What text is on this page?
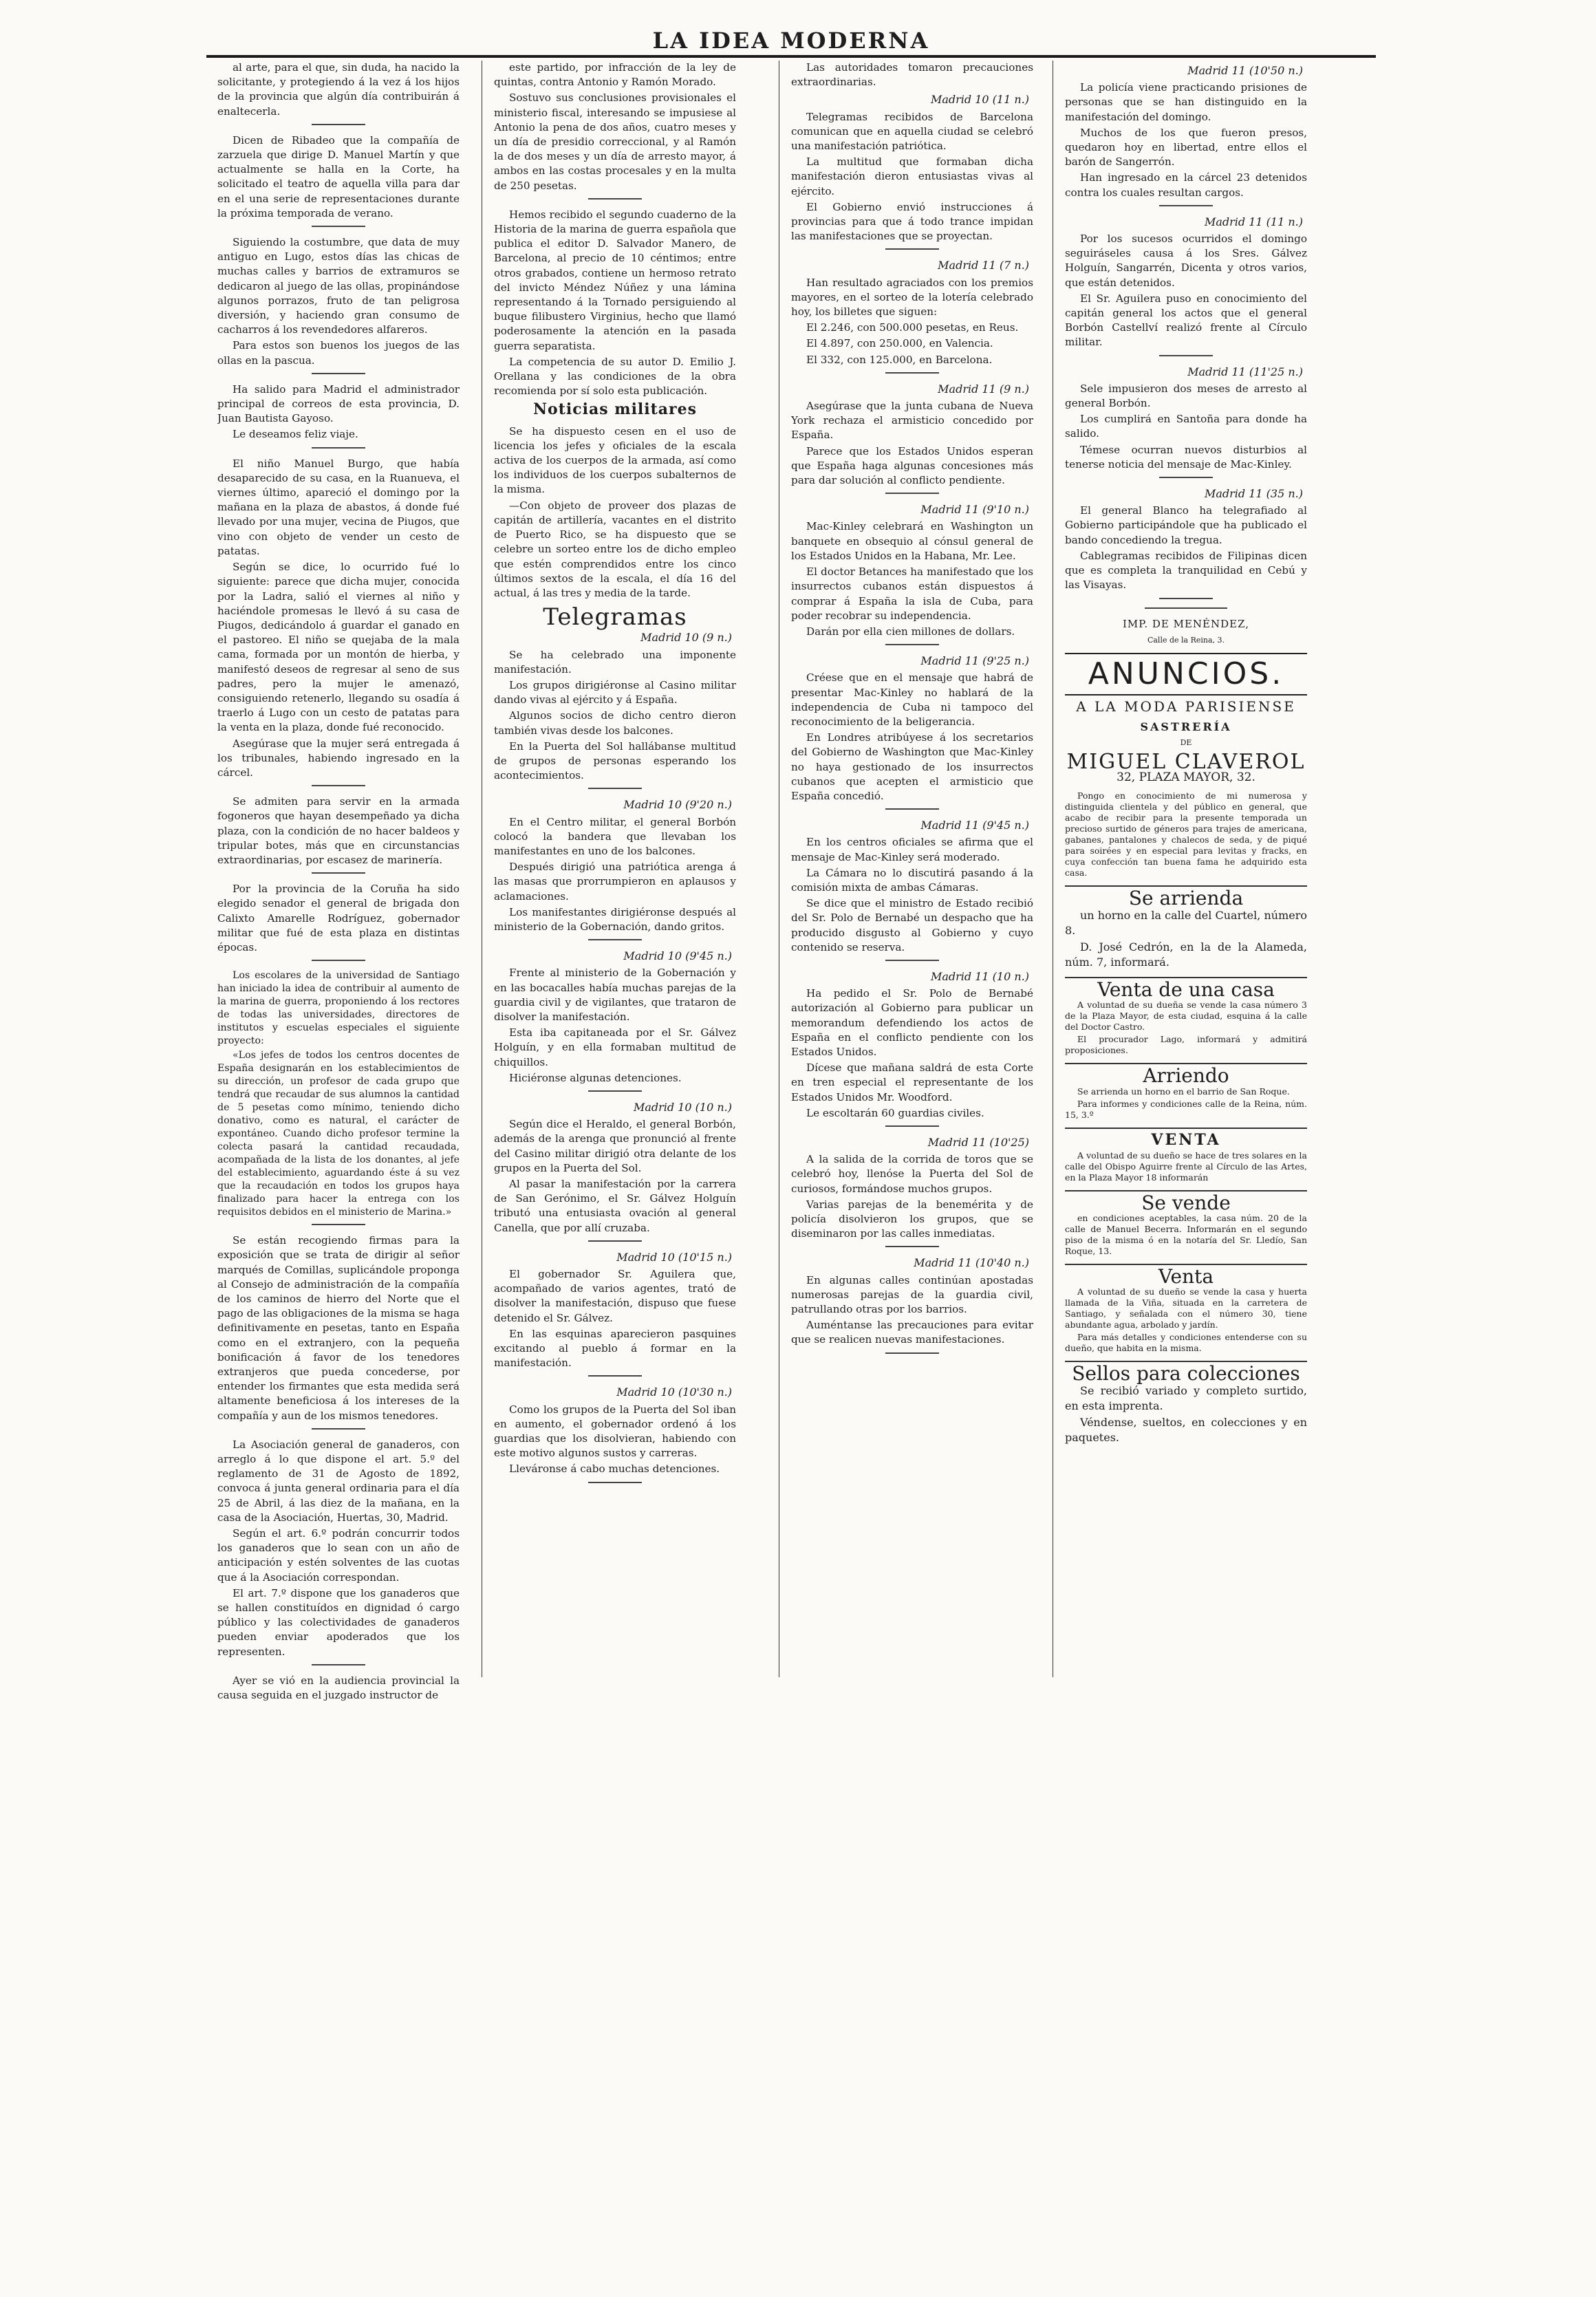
LA IDEA MODERNA

al arte, para el que, sin duda, ha nacido la solicitante, y protegiendo á la vez á los hijos de la provincia que algún día contribuirán á enaltecerla.

Dicen de Ribadeo que la compañía de zarzuela que dirige D. Manuel Martín y que actualmente se halla en la Corte, ha solicitado el teatro de aquella villa para dar en el una serie de representaciones durante la próxima temporada de verano.

Siguiendo la costumbre, que data de muy antiguo en Lugo, estos días las chicas de muchas calles y barrios de extramuros se dedicaron al juego de las ollas, propinándose algunos porrazos, fruto de tan peligrosa diversión, y haciendo gran consumo de cacharros á los revendedores alfareros.

Para estos son buenos los juegos de las ollas en la pascua.

Ha salido para Madrid el administrador principal de correos de esta provincia, D. Juan Bautista Gayoso.

Le deseamos feliz viaje.

El niño Manuel Burgo, que había desaparecido de su casa, en la Ruanueva, el viernes último, apareció el domingo por la mañana en la plaza de abastos, á donde fué llevado por una mujer, vecina de Piugos, que vino con objeto de vender un cesto de patatas.

Según se dice, lo ocurrido fué lo siguiente: parece que dicha mujer, conocida por la Ladra, salió el viernes al niño y haciéndole promesas le llevó á su casa de Piugos, dedicándolo á guardar el ganado en el pastoreo. El niño se quejaba de la mala cama, formada por un montón de hierba, y manifestó deseos de regresar al seno de sus padres, pero la mujer le amenazó, consiguiendo retenerlo, llegando su osadía á traerlo á Lugo con un cesto de patatas para la venta en la plaza, donde fué reconocido.

Asegúrase que la mujer será entregada á los tribunales, habiendo ingresado en la cárcel.

Se admiten para servir en la armada fogoneros que hayan desempeñado ya dicha plaza, con la condición de no hacer baldeos y tripular botes, más que en circunstancias extraordinarias, por escasez de marinería.

Por la provincia de la Coruña ha sido elegido senador el general de brigada don Calixto Amarelle Rodríguez, gobernador militar que fué de esta plaza en distintas épocas.

Los escolares de la universidad de Santiago han iniciado la idea de contribuir al aumento de la marina de guerra, proponiendo á los rectores de todas las universidades, directores de institutos y escuelas especiales el siguiente proyecto:

«Los jefes de todos los centros docentes de España designarán en los establecimientos de su dirección, un profesor de cada grupo que tendrá que recaudar de sus alumnos la cantidad de 5 pesetas como mínimo, teniendo dicho donativo, como es natural, el carácter de expontáneo. Cuando dicho profesor termine la colecta pasará la cantidad recaudada, acompañada de la lista de los donantes, al jefe del establecimiento, aguardando éste á su vez que la recaudación en todos los grupos haya finalizado para hacer la entrega con los requisitos debidos en el ministerio de Marina.»

Se están recogiendo firmas para la exposición que se trata de dirigir al señor marqués de Comillas, suplicándole proponga al Consejo de administración de la compañía de los caminos de hierro del Norte que el pago de las obligaciones de la misma se haga definitivamente en pesetas, tanto en España como en el extranjero, con la pequeña bonificación á favor de los tenedores extranjeros que pueda concederse, por entender los firmantes que esta medida será altamente beneficiosa á los intereses de la compañía y aun de los mismos tenedores.

La Asociación general de ganaderos, con arreglo á lo que dispone el art. 5.º del reglamento de 31 de Agosto de 1892, convoca á junta general ordinaria para el día 25 de Abril, á las diez de la mañana, en la casa de la Asociación, Huertas, 30, Madrid.

Según el art. 6.º podrán concurrir todos los ganaderos que lo sean con un año de anticipación y estén solventes de las cuotas que á la Asociación correspondan.

El art. 7.º dispone que los ganaderos que se hallen constituídos en dignidad ó cargo público y las colectividades de ganaderos pueden enviar apoderados que los representen.

Ayer se vió en la audiencia provincial la causa seguida en el juzgado instructor de

este partido, por infracción de la ley de quintas, contra Antonio y Ramón Morado.

Sostuvo sus conclusiones provisionales el ministerio fiscal, interesando se impusiese al Antonio la pena de dos años, cuatro meses y un día de presidio correccional, y al Ramón la de dos meses y un día de arresto mayor, á ambos en las costas procesales y en la multa de 250 pesetas.

Hemos recibido el segundo cuaderno de la Historia de la marina de guerra española que publica el editor D. Salvador Manero, de Barcelona, al precio de 10 céntimos; entre otros grabados, contiene un hermoso retrato del invicto Méndez Núñez y una lámina representando á la Tornado persiguiendo al buque filibustero Virginius, hecho que llamó poderosamente la atención en la pasada guerra separatista.

La competencia de su autor D. Emilio J. Orellana y las condiciones de la obra recomienda por sí solo esta publicación.

Noticias militares

Se ha dispuesto cesen en el uso de licencia los jefes y oficiales de la escala activa de los cuerpos de la armada, así como los individuos de los cuerpos subalternos de la misma.

—Con objeto de proveer dos plazas de capitán de artillería, vacantes en el distrito de Puerto Rico, se ha dispuesto que se celebre un sorteo entre los de dicho empleo que estén comprendidos entre los cinco últimos sextos de la escala, el día 16 del actual, á las tres y media de la tarde.

Telegramas
Madrid 10 (9 n.)

Se ha celebrado una imponente manifestación.

Los grupos dirigiéronse al Casino militar dando vivas al ejército y á España.

Algunos socios de dicho centro dieron también vivas desde los balcones.

En la Puerta del Sol hallábanse multitud de grupos de personas esperando los acontecimientos.

Madrid 10 (9'20 n.)

En el Centro militar, el general Borbón colocó la bandera que llevaban los manifestantes en uno de los balcones.

Después dirigió una patriótica arenga á las masas que prorrumpieron en aplausos y aclamaciones.

Los manifestantes dirigiéronse después al ministerio de la Gobernación, dando gritos.

Madrid 10 (9'45 n.)

Frente al ministerio de la Gobernación y en las bocacalles había muchas parejas de la guardia civil y de vigilantes, que trataron de disolver la manifestación.

Esta iba capitaneada por el Sr. Gálvez Holguín, y en ella formaban multitud de chiquillos.

Hiciéronse algunas detenciones.

Madrid 10 (10 n.)

Según dice el Heraldo, el general Borbón, además de la arenga que pronunció al frente del Casino militar dirigió otra delante de los grupos en la Puerta del Sol.

Al pasar la manifestación por la carrera de San Gerónimo, el Sr. Gálvez Holguín tributó una entusiasta ovación al general Canella, que por allí cruzaba.

Madrid 10 (10'15 n.)

El gobernador Sr. Aguilera que, acompañado de varios agentes, trató de disolver la manifestación, dispuso que fuese detenido el Sr. Gálvez.

En las esquinas aparecieron pasquines excitando al pueblo á formar en la manifestación.

Madrid 10 (10'30 n.)

Como los grupos de la Puerta del Sol iban en aumento, el gobernador ordenó á los guardias que los disolvieran, habiendo con este motivo algunos sustos y carreras.

Lleváronse á cabo muchas detenciones.

Las autoridades tomaron precauciones extraordinarias.

Madrid 10 (11 n.)

Telegramas recibidos de Barcelona comunican que en aquella ciudad se celebró una manifestación patriótica.

La multitud que formaban dicha manifestación dieron entusiastas vivas al ejército.

El Gobierno envió instrucciones á provincias para que á todo trance impidan las manifestaciones que se proyectan.

Madrid 11 (7 n.)

Han resultado agraciados con los premios mayores, en el sorteo de la lotería celebrado hoy, los billetes que siguen:

El 2.246, con 500.000 pesetas, en Reus.

El 4.897, con 250.000, en Valencia.

El 332, con 125.000, en Barcelona.

Madrid 11 (9 n.)

Asegúrase que la junta cubana de Nueva York rechaza el armisticio concedido por España.

Parece que los Estados Unidos esperan que España haga algunas concesiones más para dar solución al conflicto pendiente.

Madrid 11 (9'10 n.)

Mac-Kinley celebrará en Washington un banquete en obsequio al cónsul general de los Estados Unidos en la Habana, Mr. Lee.

El doctor Betances ha manifestado que los insurrectos cubanos están dispuestos á comprar á España la isla de Cuba, para poder recobrar su independencia.

Darán por ella cien millones de dollars.

Madrid 11 (9'25 n.)

Créese que en el mensaje que habrá de presentar Mac-Kinley no hablará de la independencia de Cuba ni tampoco del reconocimiento de la beligerancia.

En Londres atribúyese á los secretarios del Gobierno de Washington que Mac-Kinley no haya gestionado de los insurrectos cubanos que acepten el armisticio que España concedió.

Madrid 11 (9'45 n.)

En los centros oficiales se afirma que el mensaje de Mac-Kinley será moderado.

La Cámara no lo discutirá pasando á la comisión mixta de ambas Cámaras.

Se dice que el ministro de Estado recibió del Sr. Polo de Bernabé un despacho que ha producido disgusto al Gobierno y cuyo contenido se reserva.

Madrid 11 (10 n.)

Ha pedido el Sr. Polo de Bernabé autorización al Gobierno para publicar un memorandum defendiendo los actos de España en el conflicto pendiente con los Estados Unidos.

Dícese que mañana saldrá de esta Corte en tren especial el representante de los Estados Unidos Mr. Woodford.

Le escoltarán 60 guardias civiles.

Madrid 11 (10'25)

A la salida de la corrida de toros que se celebró hoy, llenóse la Puerta del Sol de curiosos, formándose muchos grupos.

Varias parejas de la benemérita y de policía disolvieron los grupos, que se diseminaron por las calles inmediatas.

Madrid 11 (10'40 n.)

En algunas calles continúan apostadas numerosas parejas de la guardia civil, patrullando otras por los barrios.

Auméntanse las precauciones para evitar que se realicen nuevas manifestaciones.

Madrid 11 (10'50 n.)

La policía viene practicando prisiones de personas que se han distinguido en la manifestación del domingo.

Muchos de los que fueron presos, quedaron hoy en libertad, entre ellos el barón de Sangerrón.

Han ingresado en la cárcel 23 detenidos contra los cuales resultan cargos.

Madrid 11 (11 n.)

Por los sucesos ocurridos el domingo seguiráseles causa á los Sres. Gálvez Holguín, Sangarrén, Dicenta y otros varios, que están detenidos.

El Sr. Aguilera puso en conocimiento del capitán general los actos que el general Borbón Castellví realizó frente al Círculo militar.

Madrid 11 (11'25 n.)

Sele impusieron dos meses de arresto al general Borbón.

Los cumplirá en Santoña para donde ha salido.

Témese ocurran nuevos disturbios al tenerse noticia del mensaje de Mac-Kinley.

Madrid 11 (35 n.)

El general Blanco ha telegrafiado al Gobierno participándole que ha publicado el bando concediendo la tregua.

Cablegramas recibidos de Filipinas dicen que es completa la tranquilidad en Cebú y las Visayas.

IMP. DE MENÉNDEZ,
Calle de la Reina, 3.
ANUNCIOS.
A LA MODA PARISIENSE
SASTRERÍA
DE
MIGUEL CLAVEROL
32, PLAZA MAYOR, 32.

Pongo en conocimiento de mi numerosa y distinguida clientela y del público en general, que acabo de recibir para la presente temporada un precioso surtido de géneros para trajes de americana, gabanes, pantalones y chalecos de seda, y de piqué para soirées y en especial para levitas y fracks, en cuya confección tan buena fama he adquirido esta casa.

Se arrienda

un horno en la calle del Cuartel, número 8.

D. José Cedrón, en la de la Alameda, núm. 7, informará.

Venta de una casa

A voluntad de su dueña se vende la casa número 3 de la Plaza Mayor, de esta ciudad, esquina á la calle del Doctor Castro.

El procurador Lago, informará y admitirá proposiciones.

Arriendo

Se arrienda un horno en el barrio de San Roque.

Para informes y condiciones calle de la Reina, núm. 15, 3.º

VENTA

A voluntad de su dueño se hace de tres solares en la calle del Obispo Aguirre frente al Círculo de las Artes, en la Plaza Mayor 18 informarán

Se vende

en condiciones aceptables, la casa núm. 20 de la calle de Manuel Becerra. Informarán en el segundo piso de la misma ó en la notaría del Sr. Lledío, San Roque, 13.

Venta

A voluntad de su dueño se vende la casa y huerta llamada de la Viña, situada en la carretera de Santiago, y señalada con el número 30, tiene abundante agua, arbolado y jardín.

Para más detalles y condiciones entenderse con su dueño, que habita en la misma.

Sellos para colecciones

Se recibió variado y completo surtido, en esta imprenta.

Véndense, sueltos, en colecciones y en paquetes.
